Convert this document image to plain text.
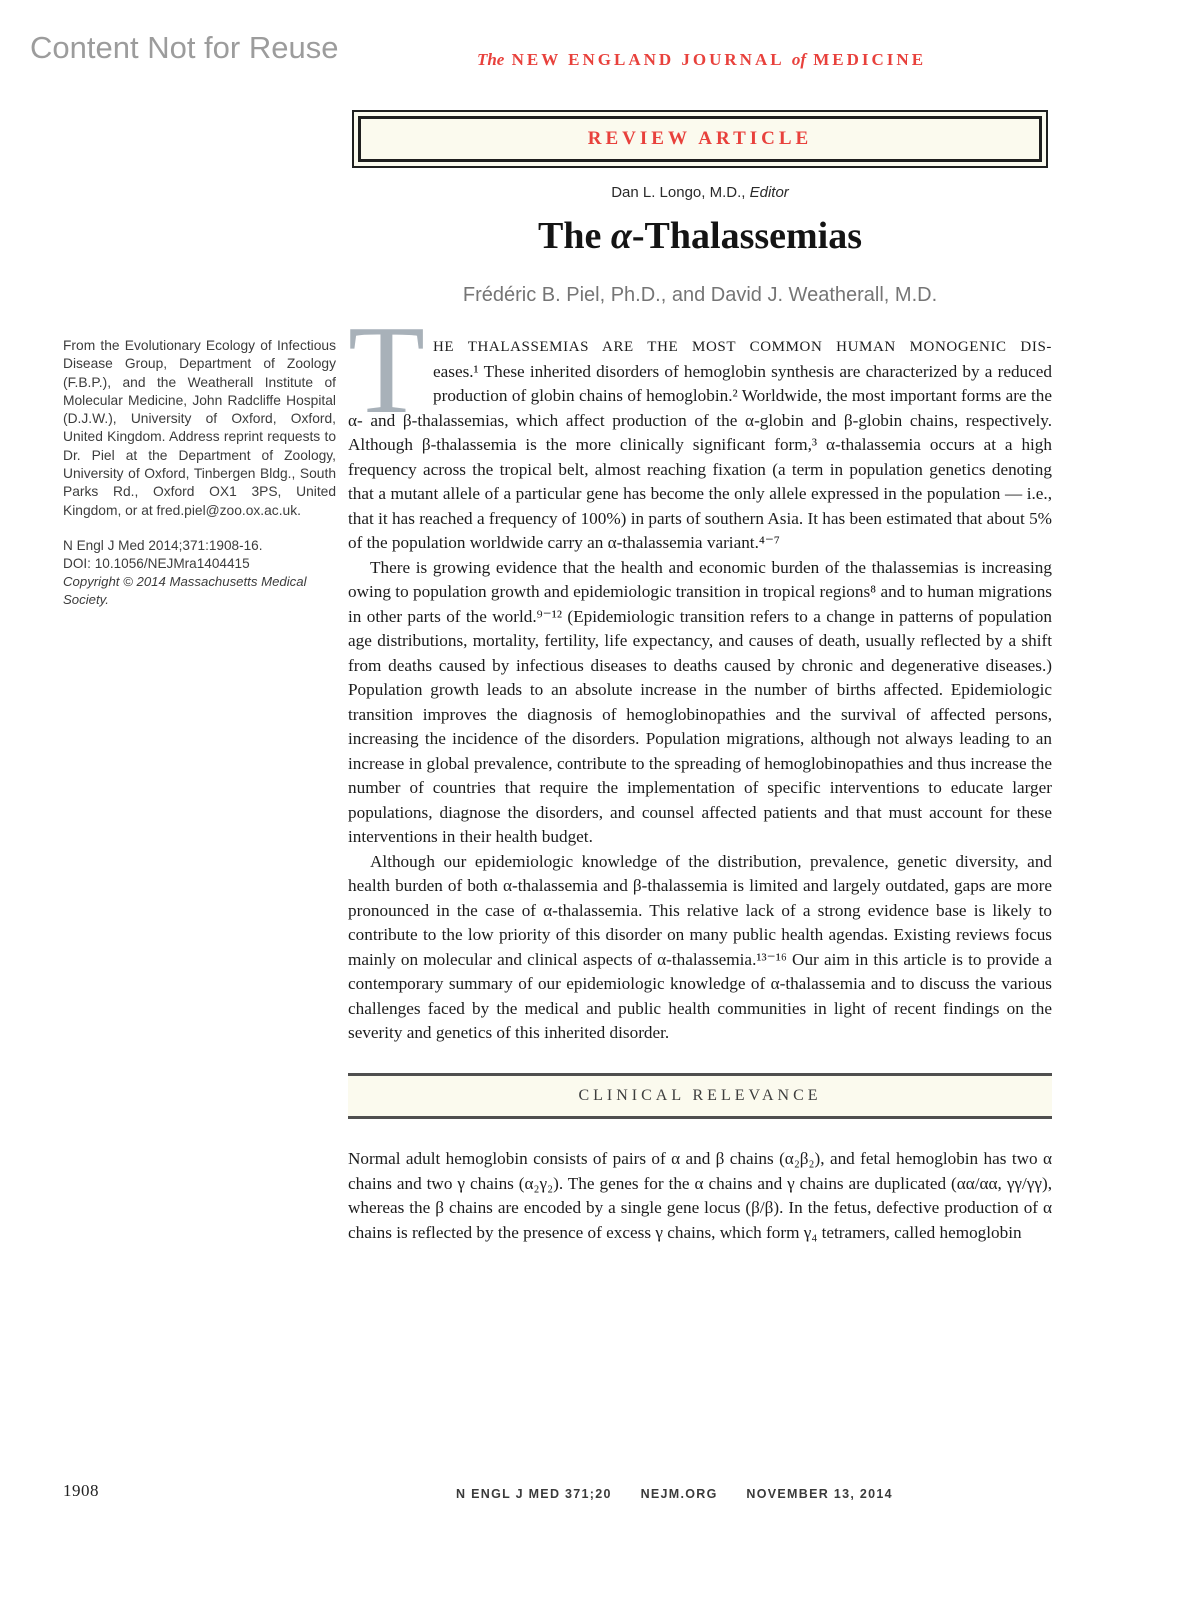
Content Not for Reuse	The NEW ENGLAND JOURNAL of MEDICINE
REVIEW ARTICLE
Dan L. Longo, M.D., Editor
The α-Thalassemias
Frédéric B. Piel, Ph.D., and David J. Weatherall, M.D.

From the Evolutionary Ecology of Infectious Disease Group, Department of Zoology (F.B.P.), and the Weatherall Institute of Molecular Medicine, John Radcliffe Hospital (D.J.W.), University of Oxford, Oxford, United Kingdom. Address reprint requests to Dr. Piel at the Department of Zoology, University of Oxford, Tinbergen Bldg., South Parks Rd., Oxford OX1 3PS, United Kingdom, or at fred.piel@zoo.ox.ac.uk.

N Engl J Med 2014;371:1908-16.

DOI: 10.1056/NEJMra1404415

Copyright © 2014 Massachusetts Medical Society.

T HE THALASSEMIAS ARE THE MOST COMMON HUMAN MONOGENIC DIS-eases.¹ These inherited disorders of hemoglobin synthesis are characterized by a reduced production of globin chains of hemoglobin.² Worldwide, the most important forms are the α- and β-thalassemias, which affect production of the α-globin and β-globin chains, respectively. Although β-thalassemia is the more clinically significant form,³ α-thalassemia occurs at a high frequency across the tropical belt, almost reaching fixation (a term in population genetics denoting that a mutant allele of a particular gene has become the only allele expressed in the population — i.e., that it has reached a frequency of 100%) in parts of southern Asia. It has been estimated that about 5% of the population worldwide carry an α-thalassemia variant.⁴⁻⁷

There is growing evidence that the health and economic burden of the thalassemias is increasing owing to population growth and epidemiologic transition in tropical regions⁸ and to human migrations in other parts of the world.⁹⁻¹² (Epidemiologic transition refers to a change in patterns of population age distributions, mortality, fertility, life expectancy, and causes of death, usually reflected by a shift from deaths caused by infectious diseases to deaths caused by chronic and degenerative diseases.) Population growth leads to an absolute increase in the number of births affected. Epidemiologic transition improves the diagnosis of hemoglobinopathies and the survival of affected persons, increasing the incidence of the disorders. Population migrations, although not always leading to an increase in global prevalence, contribute to the spreading of hemoglobinopathies and thus increase the number of countries that require the implementation of specific interventions to educate larger populations, diagnose the disorders, and counsel affected patients and that must account for these interventions in their health budget.

Although our epidemiologic knowledge of the distribution, prevalence, genetic diversity, and health burden of both α-thalassemia and β-thalassemia is limited and largely outdated, gaps are more pronounced in the case of α-thalassemia. This relative lack of a strong evidence base is likely to contribute to the low priority of this disorder on many public health agendas. Existing reviews focus mainly on molecular and clinical aspects of α-thalassemia.¹³⁻¹⁶ Our aim in this article is to provide a contemporary summary of our epidemiologic knowledge of α-thalassemia and to discuss the various challenges faced by the medical and public health communities in light of recent findings on the severity and genetics of this inherited disorder.

CLINICAL RELEVANCE

Normal adult hemoglobin consists of pairs of α and β chains (α₂β₂), and fetal hemoglobin has two α chains and two γ chains (α₂γ₂). The genes for the α chains and γ chains are duplicated (αα/αα, γγ/γγ), whereas the β chains are encoded by a single gene locus (β/β). In the fetus, defective production of α chains is reflected by the presence of excess γ chains, which form γ₄ tetramers, called hemoglobin

1908	N ENGL J MED 371;20 NEJM.ORG NOVEMBER 13, 2014
